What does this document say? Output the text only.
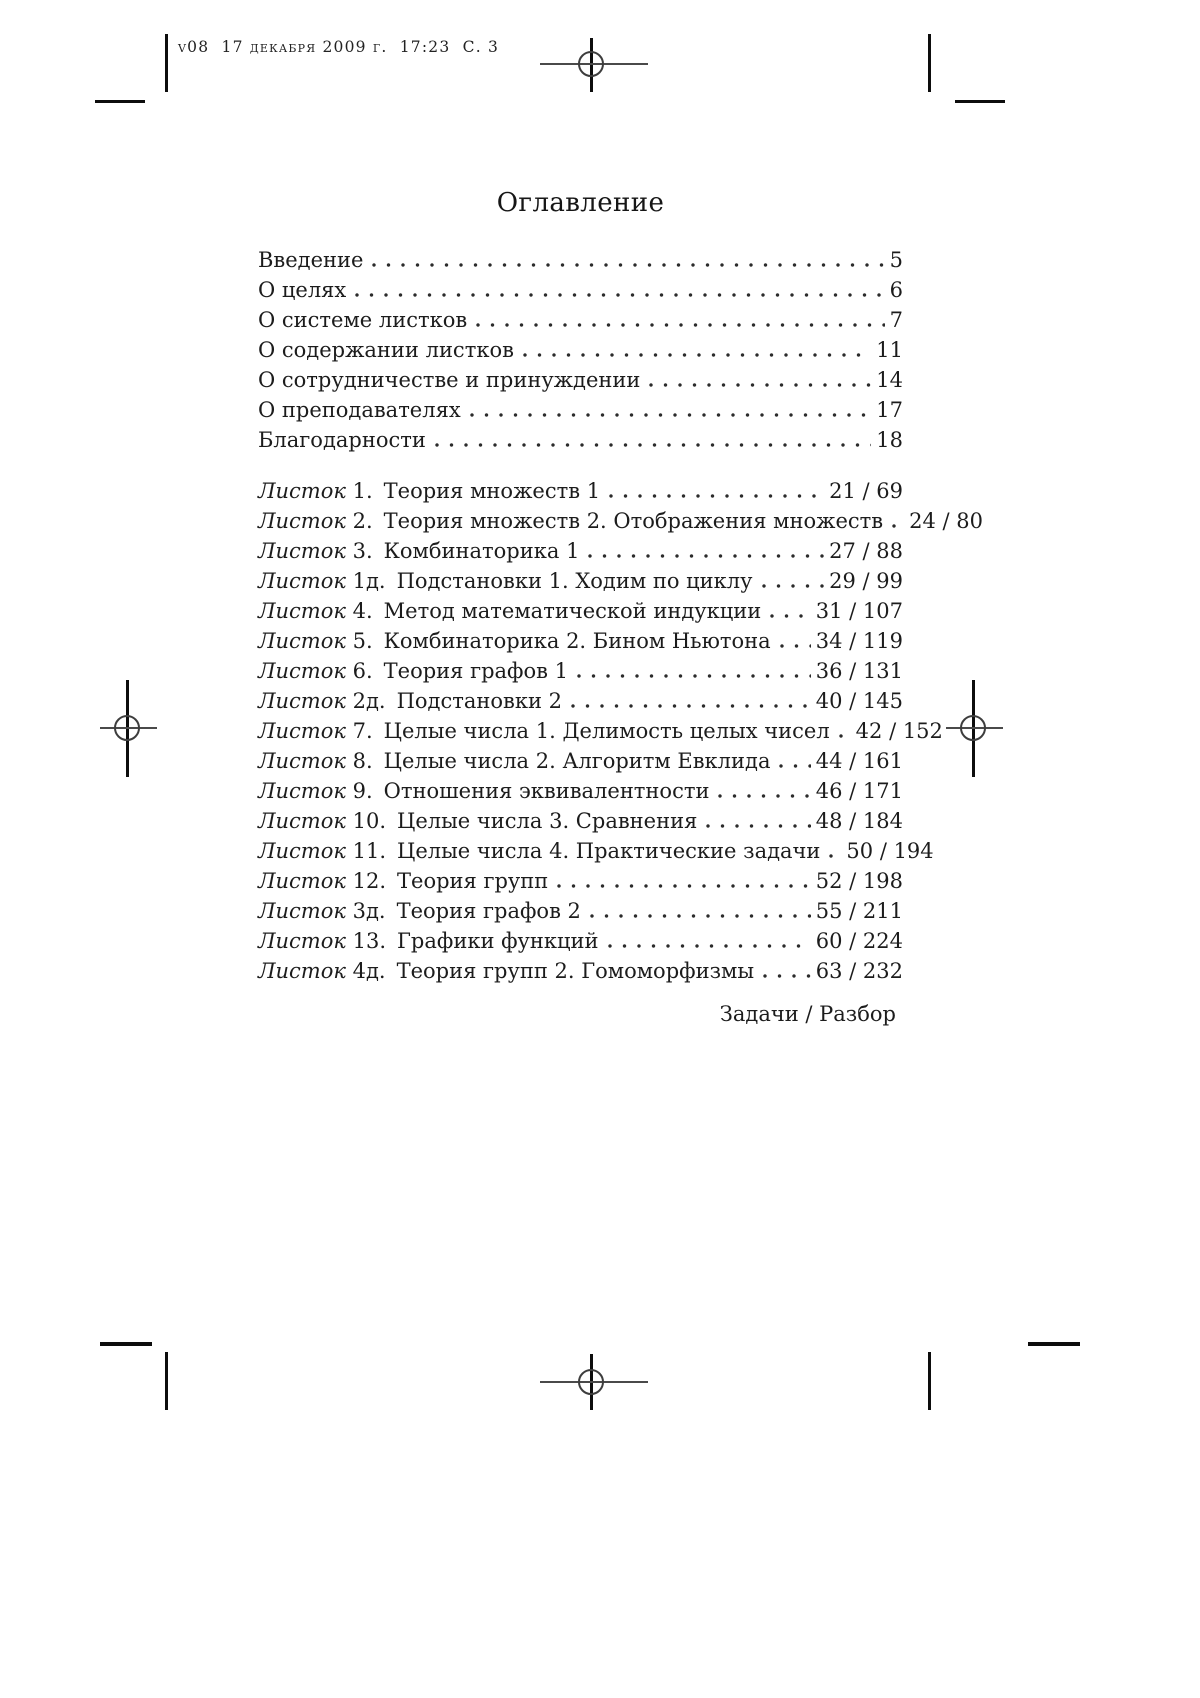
v08  17 декабря 2009 г.  17:23  С. 3
Оглавление
Введение	5
О целях	6
О системе листков	7
О содержании листков	11
О сотрудничестве и принуждении	14
О преподавателях	17
Благодарности	18
Листок 1. Теория множеств 1	21 / 69
Листок 2. Теория множеств 2. Отображения множеств 24 / 80
Листок 3. Комбинаторика 1	27 / 88
Листок 1д. Подстановки 1. Ходим по циклу	29 / 99
Листок 4. Метод математической индукции	31 / 107
Листок 5. Комбинаторика 2. Бином Ньютона 34 / 119
Листок 6. Теория графов 1	36 / 131
Листок 2д. Подстановки 2	40 / 145
Листок 7. Целые числа 1. Делимость целых чисел 42 / 152
Листок 8. Целые числа 2. Алгоритм Евклида 44 / 161
Листок 9. Отношения эквивалентности	46 / 171
Листок 10. Целые числа 3. Сравнения	48 / 184
Листок 11. Целые числа 4. Практические задачи 50 / 194
Листок 12. Теория групп	52 / 198
Листок 3д. Теория графов 2	55 / 211
Листок 13. Графики функций	60 / 224
Листок 4д. Теория групп 2. Гомоморфизмы	63 / 232
Задачи / Разбор
